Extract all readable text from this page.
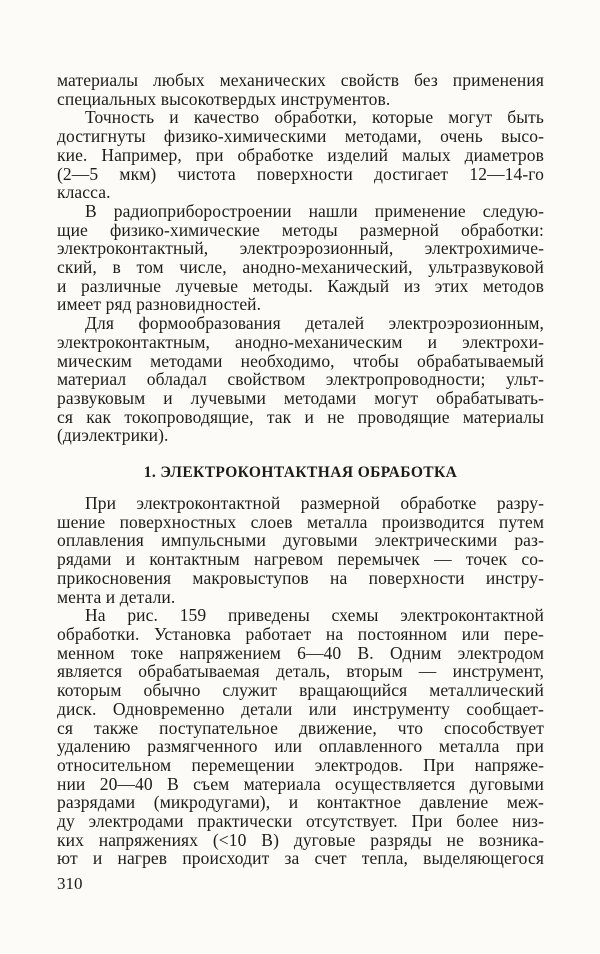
материалы любых механических свойств без применения
специальных высокотвердых инструментов.
Точность и качество обработки, которые могут быть
достигнуты физико-химическими методами, очень высо-
кие. Например, при обработке изделий малых диаметров
(2—5 мкм) чистота поверхности достигает 12—14-го
класса.
В радиоприборостроении нашли применение следую-
щие физико-химические методы размерной обработки:
электроконтактный, электроэрозионный, электрохимиче-
ский, в том числе, анодно-механический, ультразвуковой
и различные лучевые методы. Каждый из этих методов
имеет ряд разновидностей.
Для формообразования деталей электроэрозионным,
электроконтактным, анодно-механическим и электрохи-
мическим методами необходимо, чтобы обрабатываемый
материал обладал свойством электропроводности; ульт-
развуковым и лучевыми методами могут обрабатывать-
ся как токопроводящие, так и не проводящие материалы
(диэлектрики).
1. ЭЛЕКТРОКОНТАКТНАЯ ОБРАБОТКА
При электроконтактной размерной обработке разру-
шение поверхностных слоев металла производится путем
оплавления импульсными дуговыми электрическими раз-
рядами и контактным нагревом перемычек — точек со-
прикосновения макровыступов на поверхности инстру-
мента и детали.
На рис. 159 приведены схемы электроконтактной
обработки. Установка работает на постоянном или пере-
менном токе напряжением 6—40 В. Одним электродом
является обрабатываемая деталь, вторым — инструмент,
которым обычно служит вращающийся металлический
диск. Одновременно детали или инструменту сообщает-
ся также поступательное движение, что способствует
удалению размягченного или оплавленного металла при
относительном перемещении электродов. При напряже-
нии 20—40 В съем материала осуществляется дуговыми
разрядами (микродугами), и контактное давление меж-
ду электродами практически отсутствует. При более низ-
ких напряжениях (<10 В) дуговые разряды не возника-
ют и нагрев происходит за счет тепла, выделяющегося
310
